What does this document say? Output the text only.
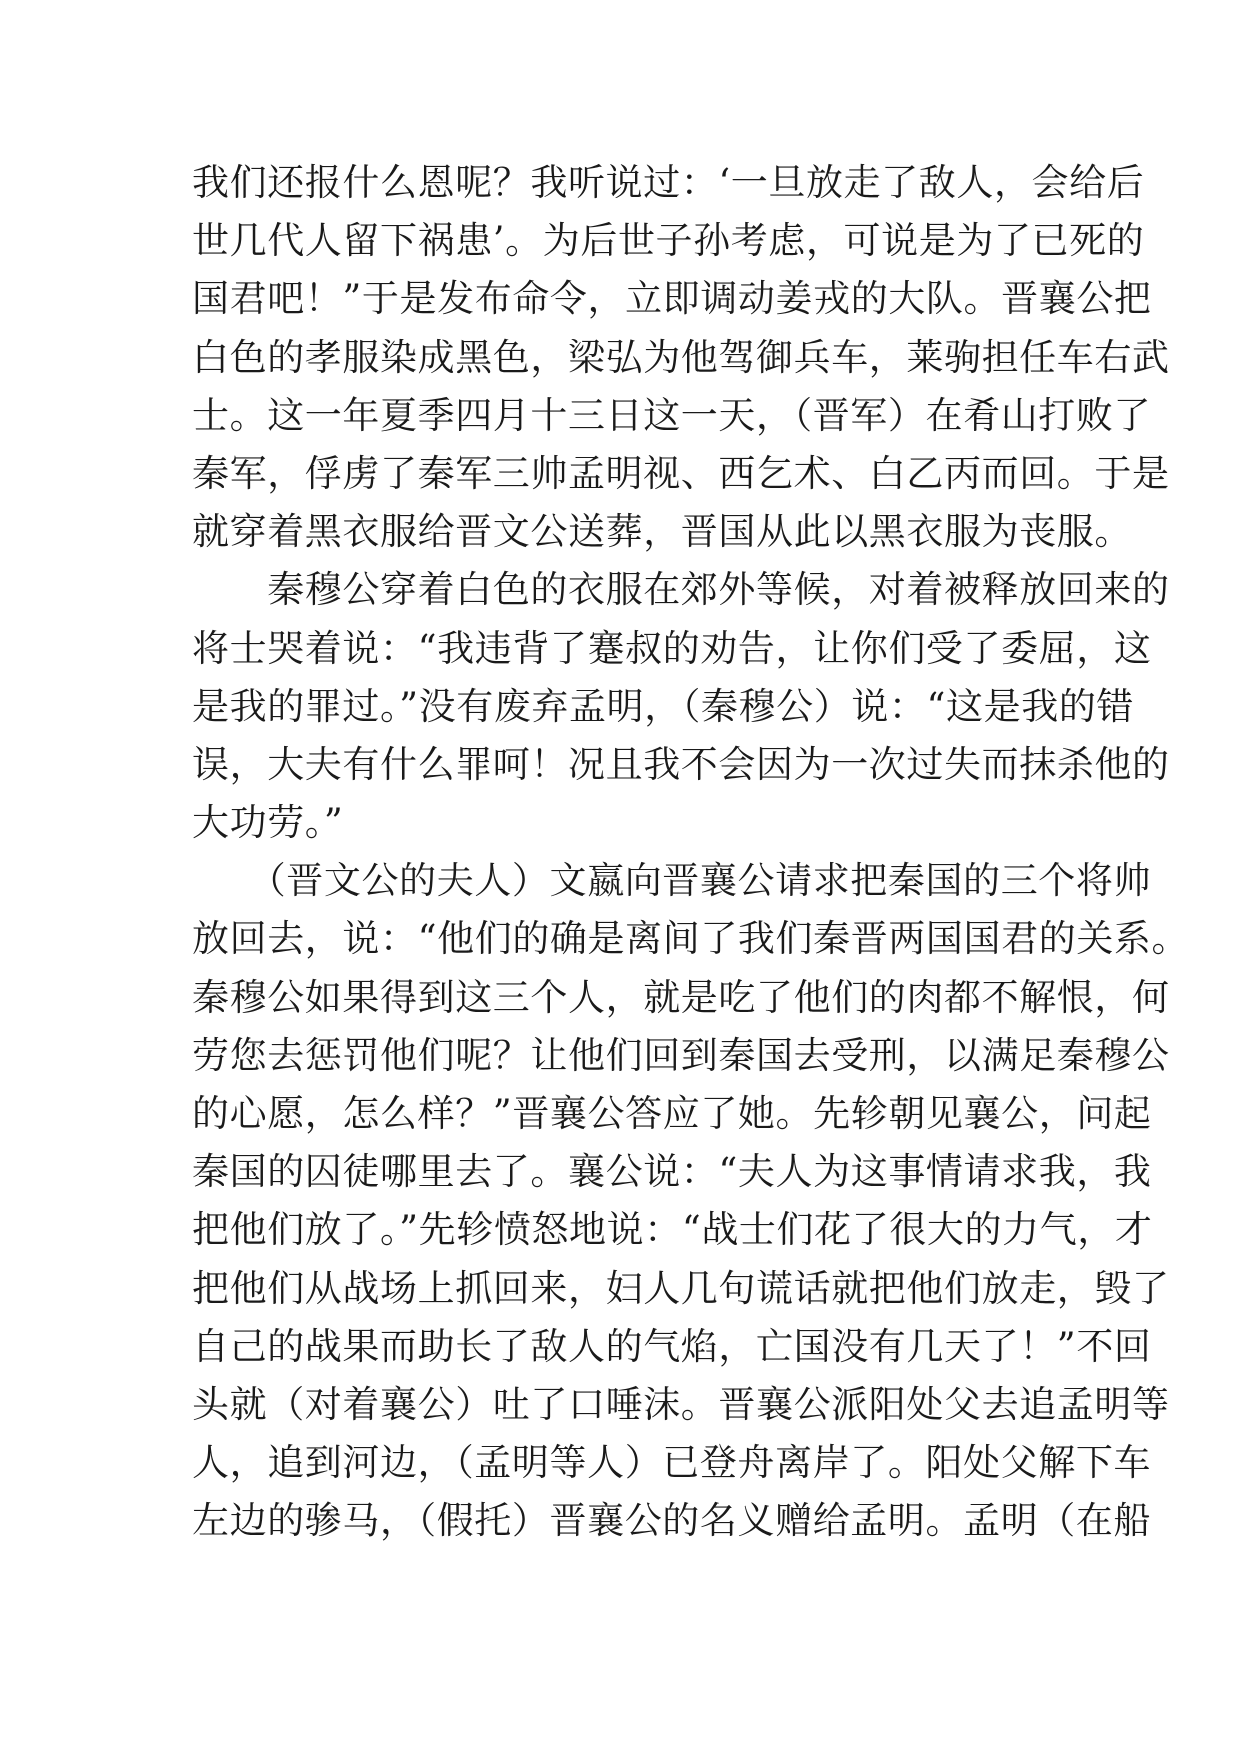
我们还报什么恩呢？我听说过：‘一旦放走了敌人，会给后
世几代人留下祸患’。为后世子孙考虑，可说是为了已死的
国君吧！”于是发布命令，立即调动姜戎的大队。晋襄公把
白色的孝服染成黑色，梁弘为他驾御兵车，莱驹担任车右武
士。这一年夏季四月十三日这一天，（晋军）在肴山打败了
秦军，俘虏了秦军三帅孟明视、西乞术、白乙丙而回。于是
就穿着黑衣服给晋文公送葬，晋国从此以黑衣服为丧服。
　　秦穆公穿着白色的衣服在郊外等候，对着被释放回来的
将士哭着说：“我违背了蹇叔的劝告，让你们受了委屈，这
是我的罪过。”没有废弃孟明，（秦穆公）说：“这是我的错
误，大夫有什么罪呵！况且我不会因为一次过失而抹杀他的
大功劳。”
　　（晋文公的夫人）文嬴向晋襄公请求把秦国的三个将帅
放回去，说：“他们的确是离间了我们秦晋两国国君的关系。
秦穆公如果得到这三个人，就是吃了他们的肉都不解恨，何
劳您去惩罚他们呢？让他们回到秦国去受刑，以满足秦穆公
的心愿，怎么样？”晋襄公答应了她。先轸朝见襄公，问起
秦国的囚徒哪里去了。襄公说：“夫人为这事情请求我，我
把他们放了。”先轸愤怒地说：“战士们花了很大的力气，才
把他们从战场上抓回来，妇人几句谎话就把他们放走，毁了
自己的战果而助长了敌人的气焰，亡国没有几天了！”不回
头就（对着襄公）吐了口唾沫。晋襄公派阳处父去追孟明等
人，追到河边，（孟明等人）已登舟离岸了。阳处父解下车
左边的骖马，（假托）晋襄公的名义赠给孟明。孟明（在船
